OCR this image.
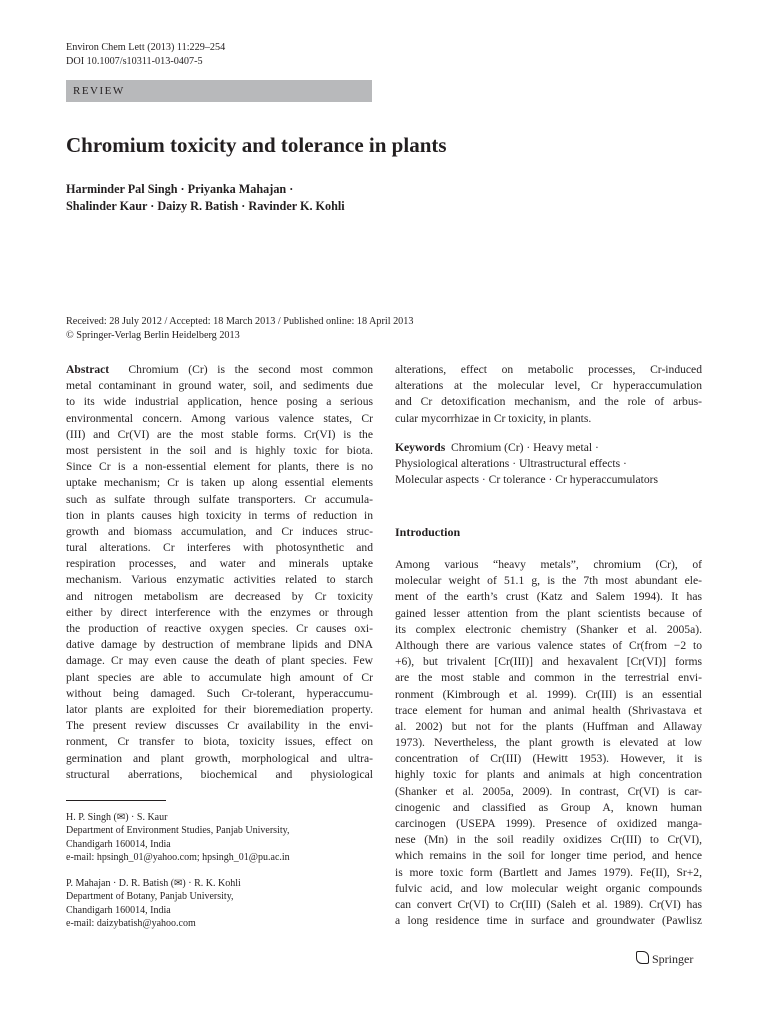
Environ Chem Lett (2013) 11:229–254
DOI 10.1007/s10311-013-0407-5
REVIEW
Chromium toxicity and tolerance in plants
Harminder Pal Singh · Priyanka Mahajan ·
Shalinder Kaur · Daizy R. Batish · Ravinder K. Kohli
Received: 28 July 2012 / Accepted: 18 March 2013 / Published online: 18 April 2013
© Springer-Verlag Berlin Heidelberg 2013
Abstract Chromium (Cr) is the second most common
metal contaminant in ground water, soil, and sediments due
to its wide industrial application, hence posing a serious
environmental concern. Among various valence states, Cr
(III) and Cr(VI) are the most stable forms. Cr(VI) is the
most persistent in the soil and is highly toxic for biota.
Since Cr is a non-essential element for plants, there is no
uptake mechanism; Cr is taken up along essential elements
such as sulfate through sulfate transporters. Cr accumula-
tion in plants causes high toxicity in terms of reduction in
growth and biomass accumulation, and Cr induces struc-
tural alterations. Cr interferes with photosynthetic and
respiration processes, and water and minerals uptake
mechanism. Various enzymatic activities related to starch
and nitrogen metabolism are decreased by Cr toxicity
either by direct interference with the enzymes or through
the production of reactive oxygen species. Cr causes oxi-
dative damage by destruction of membrane lipids and DNA
damage. Cr may even cause the death of plant species. Few
plant species are able to accumulate high amount of Cr
without being damaged. Such Cr-tolerant, hyperaccumu-
lator plants are exploited for their bioremediation property.
The present review discusses Cr availability in the envi-
ronment, Cr transfer to biota, toxicity issues, effect on
germination and plant growth, morphological and ultra-
structural aberrations, biochemical and physiological
alterations, effect on metabolic processes, Cr-induced
alterations at the molecular level, Cr hyperaccumulation
and Cr detoxification mechanism, and the role of arbus-
cular mycorrhizae in Cr toxicity, in plants.
Keywords Chromium (Cr) · Heavy metal ·
Physiological alterations · Ultrastructural effects ·
Molecular aspects · Cr tolerance · Cr hyperaccumulators
Introduction
Among various “heavy metals”, chromium (Cr), of
molecular weight of 51.1 g, is the 7th most abundant ele-
ment of the earth’s crust (Katz and Salem 1994). It has
gained lesser attention from the plant scientists because of
its complex electronic chemistry (Shanker et al. 2005a).
Although there are various valence states of Cr(from −2 to
+6), but trivalent [Cr(III)] and hexavalent [Cr(VI)] forms
are the most stable and common in the terrestrial envi-
ronment (Kimbrough et al. 1999). Cr(III) is an essential
trace element for human and animal health (Shrivastava et
al. 2002) but not for the plants (Huffman and Allaway
1973). Nevertheless, the plant growth is elevated at low
concentration of Cr(III) (Hewitt 1953). However, it is
highly toxic for plants and animals at high concentration
(Shanker et al. 2005a, 2009). In contrast, Cr(VI) is car-
cinogenic and classified as Group A, known human
carcinogen (USEPA 1999). Presence of oxidized manga-
nese (Mn) in the soil readily oxidizes Cr(III) to Cr(VI),
which remains in the soil for longer time period, and hence
is more toxic form (Bartlett and James 1979). Fe(II), Sr+2,
fulvic acid, and low molecular weight organic compounds
can convert Cr(VI) to Cr(III) (Saleh et al. 1989). Cr(VI) has
a long residence time in surface and groundwater (Pawlisz
H. P. Singh (✉) · S. Kaur
Department of Environment Studies, Panjab University,
Chandigarh 160014, India
e-mail: hpsingh_01@yahoo.com; hpsingh_01@pu.ac.in
P. Mahajan · D. R. Batish (✉) · R. K. Kohli
Department of Botany, Panjab University,
Chandigarh 160014, India
e-mail: daizybatish@yahoo.com
Springer
